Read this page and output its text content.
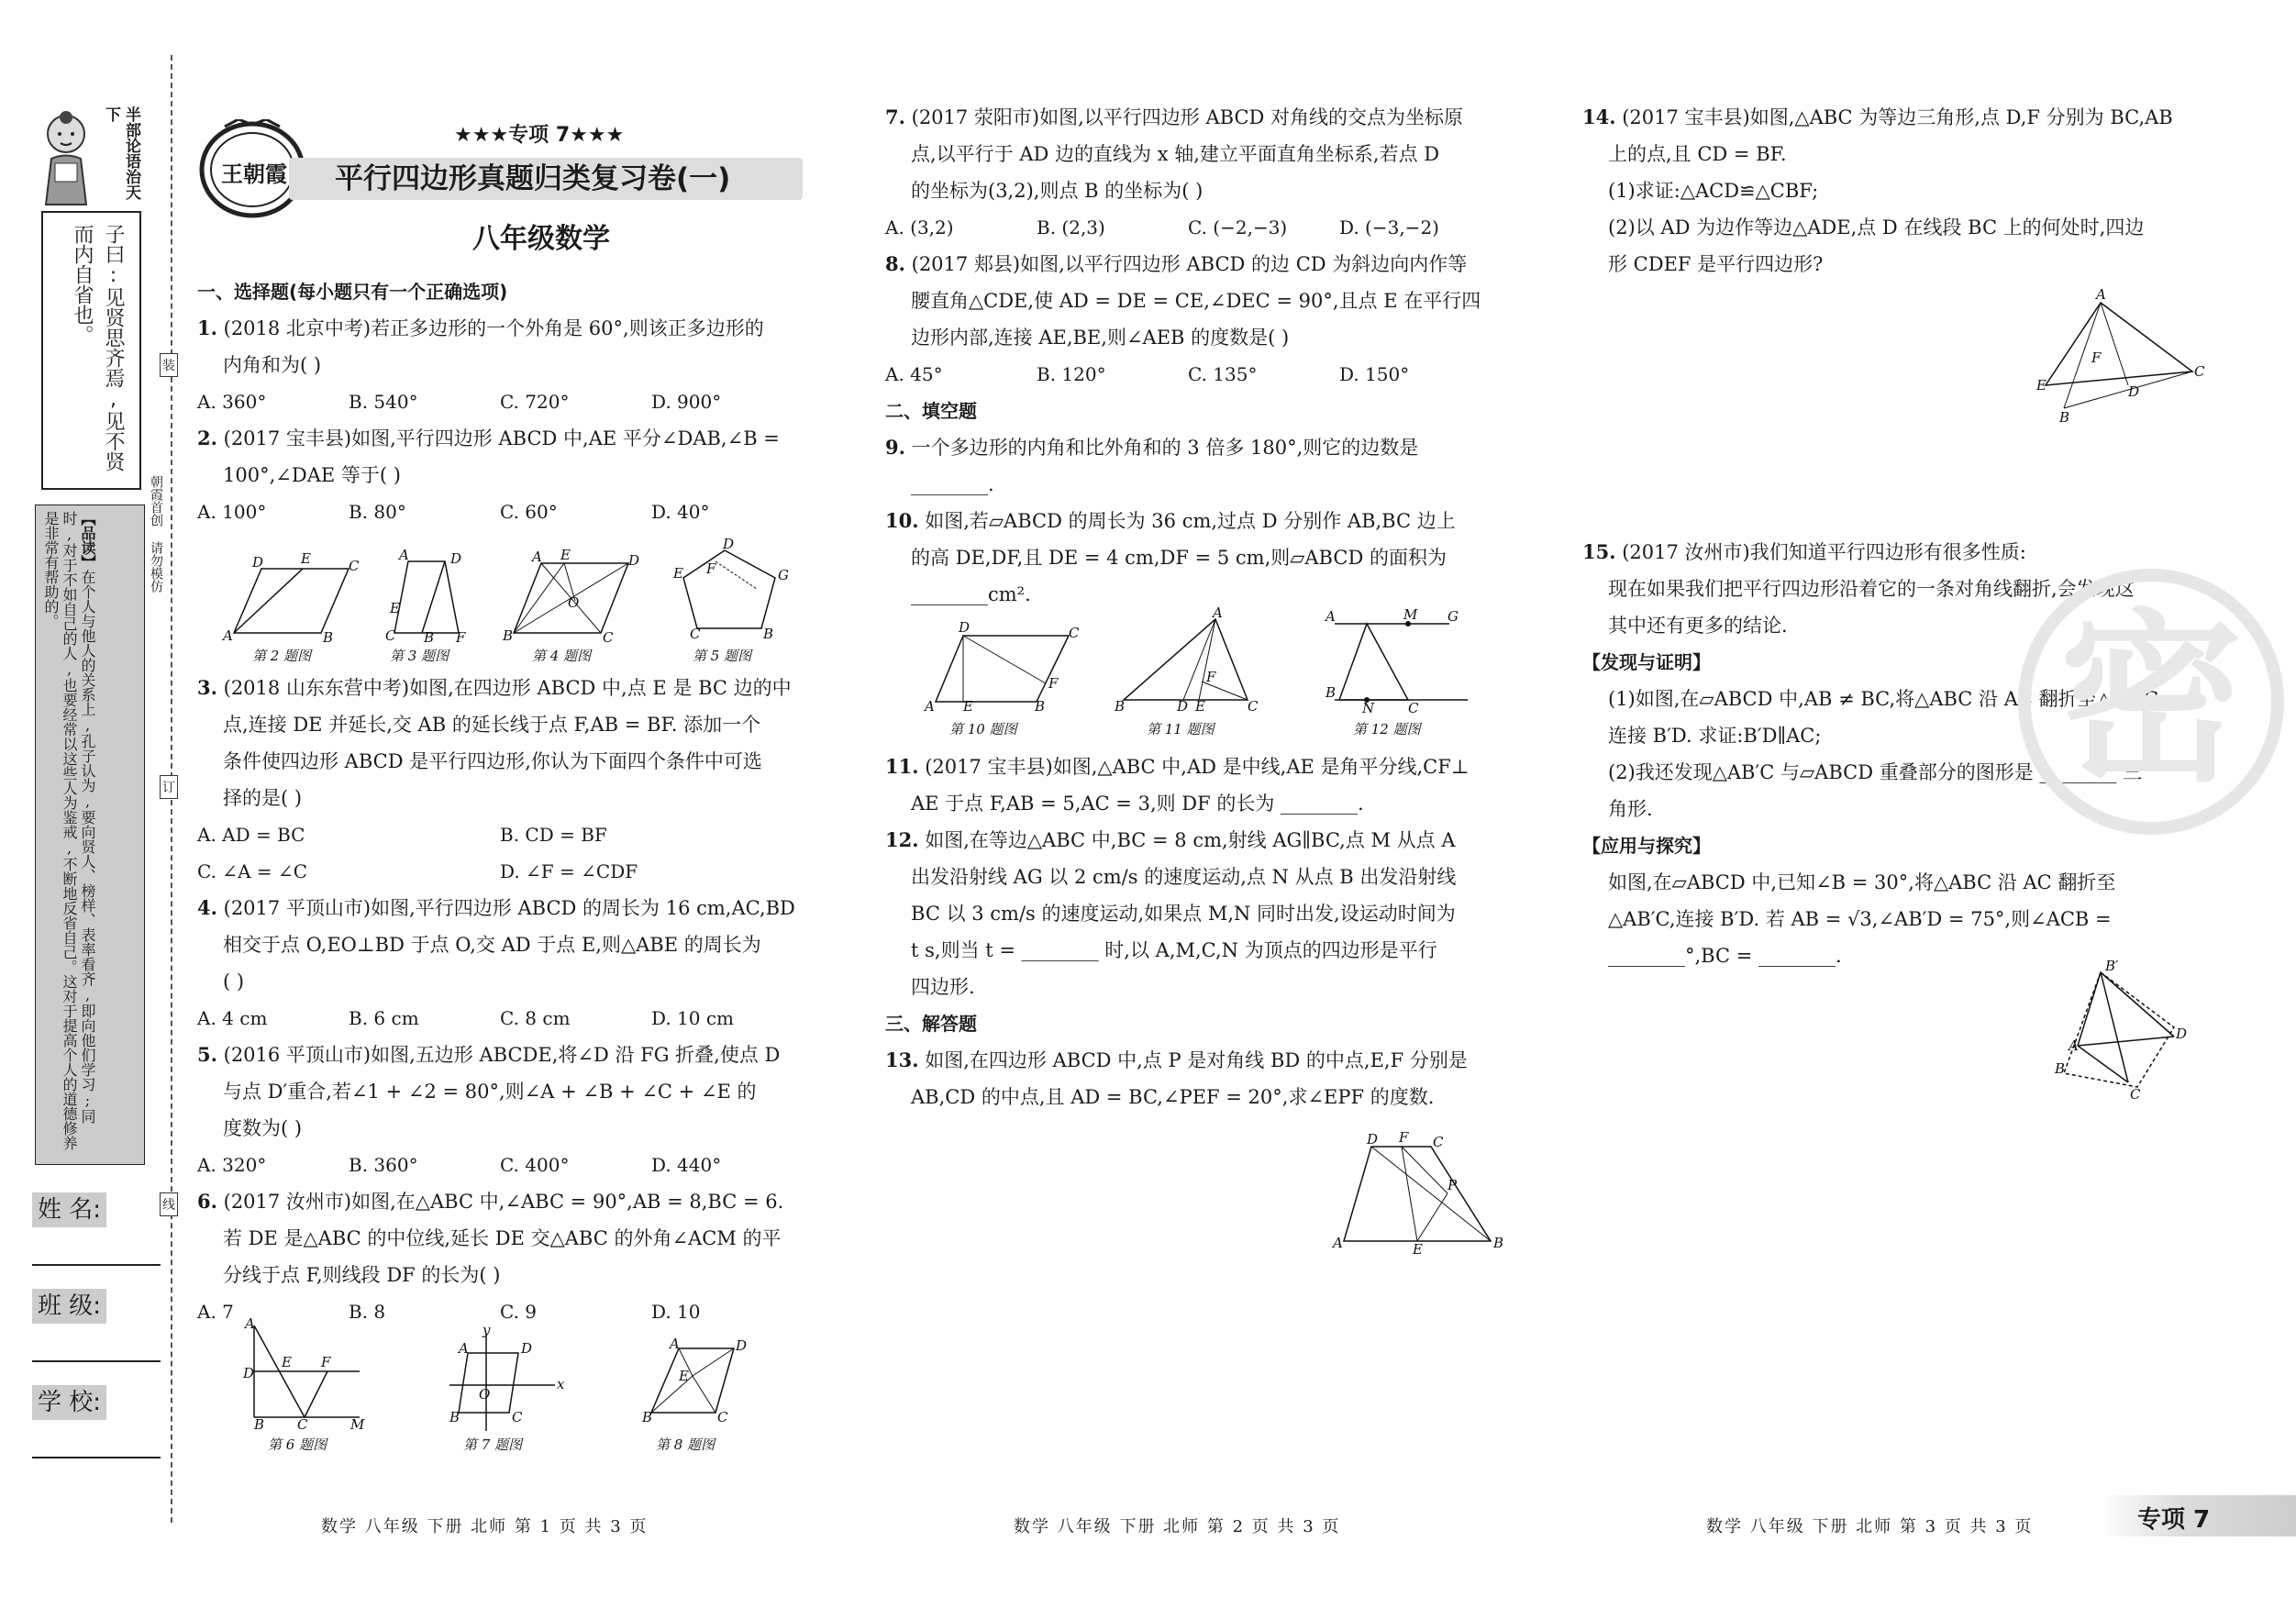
半部论语治天下
子曰:见贤思齐焉,见不贤而内自省也。
【品读】在个人与他人的关系上,孔子认为,要向贤人、榜样、表率看齐,即向他们学习;同时,对于不如自己的人,也要经常以这些人为鉴戒,不断地反省自己。这对于提高个人的道德修养是非常有帮助的。	朝霞首创 请勿模仿
姓 名:
班 级:
学 校:
装
订
线
王朝霞
★★★专项 7★★★
平行四边形真题归类复习卷(一)
八年级数学
一、选择题(每小题只有一个正确选项)
1. (2018 北京中考)若正多边形的一个外角是 60°,则该正多边形的
内角和为( )
A. 360°	B. 540°	C. 720°	D. 900°
2. (2017 宝丰县)如图,平行四边形 ABCD 中,AE 平分∠DAB,∠B =
100°,∠DAE 等于( )
A. 100°	B. 80°	C. 60°	D. 40°
3. (2018 山东东营中考)如图,在四边形 ABCD 中,点 E 是 BC 边的中
点,连接 DE 并延长,交 AB 的延长线于点 F,AB = BF. 添加一个
条件使四边形 ABCD 是平行四边形,你认为下面四个条件中可选
择的是( )
A. AD = BC	B. CD = BF
C. ∠A = ∠C	D. ∠F = ∠CDF
4. (2017 平顶山市)如图,平行四边形 ABCD 的周长为 16 cm,AC,BD
相交于点 O,EO⊥BD 于点 O,交 AD 于点 E,则△ABE 的周长为
( )
A. 4 cm	B. 6 cm	C. 8 cm	D. 10 cm
5. (2016 平顶山市)如图,五边形 ABCDE,将∠D 沿 FG 折叠,使点 D
与点 D′重合,若∠1 + ∠2 = 80°,则∠A + ∠B + ∠C + ∠E 的
度数为( )
A. 320°	B. 360°	C. 400°	D. 440°
6. (2017 汝州市)如图,在△ABC 中,∠ABC = 90°,AB = 8,BC = 6.
若 DE 是△ABC 的中位线,延长 DE 交△ABC 的外角∠ACM 的平
分线于点 F,则线段 DF 的长为( )
A. 7	B. 8	C. 9	D. 10
7. (2017 荥阳市)如图,以平行四边形 ABCD 对角线的交点为坐标原
点,以平行于 AD 边的直线为 x 轴,建立平面直角坐标系,若点 D
的坐标为(3,2),则点 B 的坐标为( )
A. (3,2)	B. (2,3)	C. (−2,−3)	D. (−3,−2)
8. (2017 郏县)如图,以平行四边形 ABCD 的边 CD 为斜边向内作等
腰直角△CDE,使 AD = DE = CE,∠DEC = 90°,且点 E 在平行四
边形内部,连接 AE,BE,则∠AEB 的度数是( )
A. 45°	B. 120°	C. 135°	D. 150°
二、填空题
9. 一个多边形的内角和比外角和的 3 倍多 180°,则它的边数是
________.
10. 如图,若▱ABCD 的周长为 36 cm,过点 D 分别作 AB,BC 边上
的高 DE,DF,且 DE = 4 cm,DF = 5 cm,则▱ABCD 的面积为
________cm².
11. (2017 宝丰县)如图,△ABC 中,AD 是中线,AE 是角平分线,CF⊥
AE 于点 F,AB = 5,AC = 3,则 DF 的长为 ________.
12. 如图,在等边△ABC 中,BC = 8 cm,射线 AG∥BC,点 M 从点 A
出发沿射线 AG 以 2 cm/s 的速度运动,点 N 从点 B 出发沿射线
BC 以 3 cm/s 的速度运动,如果点 M,N 同时出发,设运动时间为
t s,则当 t = ________ 时,以 A,M,C,N 为顶点的四边形是平行
四边形.
三、解答题
13. 如图,在四边形 ABCD 中,点 P 是对角线 BD 的中点,E,F 分别是
AB,CD 的中点,且 AD = BC,∠PEF = 20°,求∠EPF 的度数.
14. (2017 宝丰县)如图,△ABC 为等边三角形,点 D,F 分别为 BC,AB
上的点,且 CD = BF.
(1)求证:△ACD≌△CBF;
(2)以 AD 为边作等边△ADE,点 D 在线段 BC 上的何处时,四边
形 CDEF 是平行四边形?
15. (2017 汝州市)我们知道平行四边形有很多性质:
现在如果我们把平行四边形沿着它的一条对角线翻折,会发现这
其中还有更多的结论.
【发现与证明】
(1)如图,在▱ABCD 中,AB ≠ BC,将△ABC 沿 AC 翻折至△AB′C,
连接 B′D. 求证:B′D∥AC;
(2)我还发现△AB′C 与▱ABCD 重叠部分的图形是 ________ 三
角形.
【应用与探究】
如图,在▱ABCD 中,已知∠B = 30°,将△ABC 沿 AC 翻折至
△AB′C,连接 B′D. 若 AB = √3,∠AB′D = 75°,则∠ACB =
________°,BC = ________.
A	B
C
D	E
第 2 题图
A	D
E
C B F
第 3 题图
B	C
D
A E
O
第 4 题图
D
G
B
C
E F
第 5 题图
A
D
E F
B C	M
第 6 题图
A	D
B	C
O
x
y
第 7 题图
A	D
E
B	C
第 8 题图
A E	B
F
C
D
第 10 题图
B
A
C
D E
F
第 11 题图
A	M G
B
N C
第 12 题图
A
D F C
P
E	B
A
E
F
D
C
B
B′
A
D
B
C
密
数学 八年级 下册 北师 第 1 页 共 3 页	数学 八年级 下册 北师 第 2 页 共 3 页	数学 八年级 下册 北师 第 3 页 共 3 页	专项 7
